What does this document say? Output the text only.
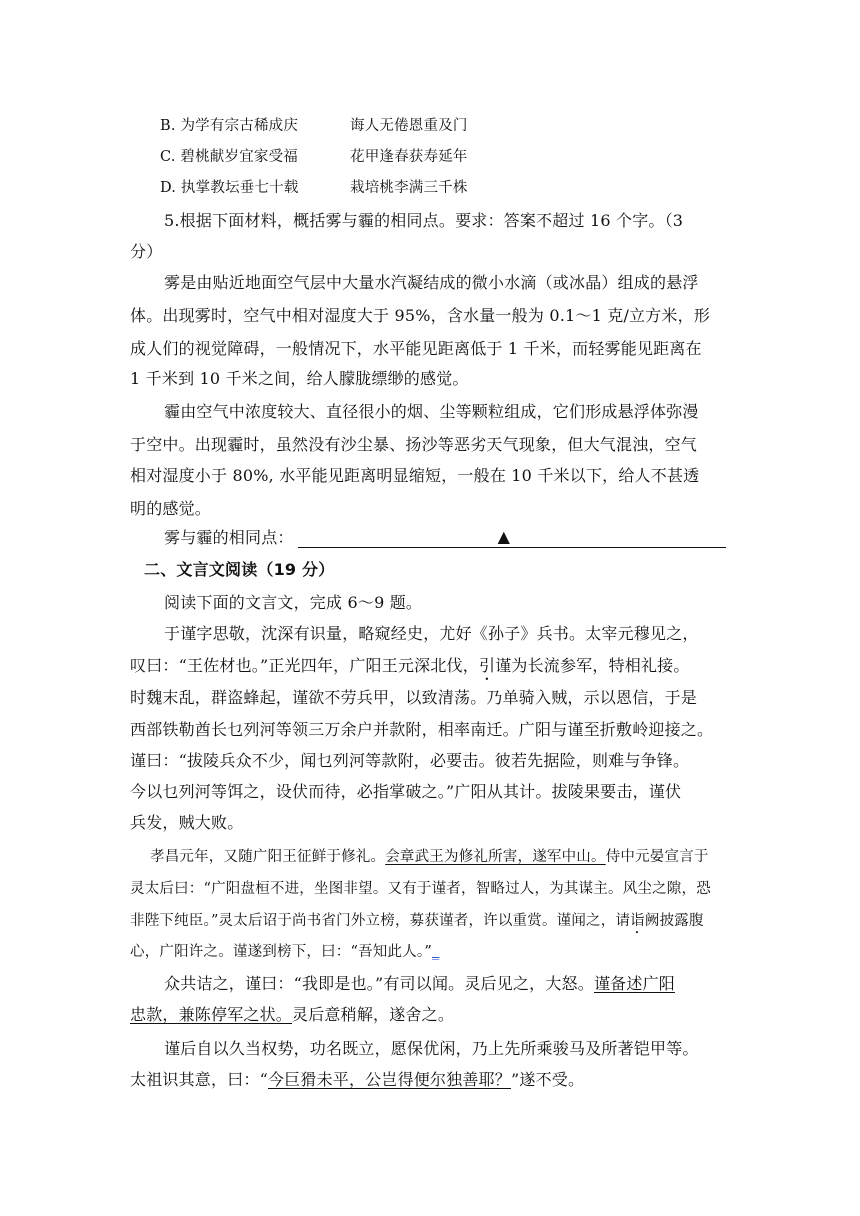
B. 为学有宗古稀成庆	诲人无倦恩重及门
C. 碧桃献岁宜家受福	花甲逢春获寿延年
D. 执掌教坛垂七十载	栽培桃李满三千株
5.根据下面材料，概括雾与霾的相同点。要求：答案不超过 16 个字。（3
分）
雾是由贴近地面空气层中大量水汽凝结成的微小水滴（或冰晶）组成的悬浮
体。出现雾时，空气中相对湿度大于 95%，含水量一般为 0.1～1 克/立方米，形
成人们的视觉障碍，一般情况下，水平能见距离低于 1 千米，而轻雾能见距离在
1 千米到 10 千米之间，给人朦胧缥缈的感觉。
霾由空气中浓度较大、直径很小的烟、尘等颗粒组成，它们形成悬浮体弥漫
于空中。出现霾时，虽然没有沙尘暴、扬沙等恶劣天气现象，但大气混浊，空气
相对湿度小于 80%, 水平能见距离明显缩短，一般在 10 千米以下，给人不甚透
明的感觉。
雾与霾的相同点：	▲
二、文言文阅读（19 分）
阅读下面的文言文，完成 6～9 题。
于谨字思敬，沈深有识量，略窥经史，尤好《孙子》兵书。太宰元穆见之，
叹曰：“王佐材也。”正光四年，广阳王元深北伐，引谨为长流参军，特相礼接。
时魏末乱，群盗蜂起，谨欲不劳兵甲，以致清荡。乃单骑入贼，示以恩信，于是
西部铁勒酋长乜列河等领三万余户并款附，相率南迁。广阳与谨至折敷岭迎接之。
谨曰：“拔陵兵众不少，闻乜列河等款附，必要击。彼若先据险，则难与争锋。
今以乜列河等饵之，设伏而待，必指掌破之。”广阳从其计。拔陵果要击，谨伏
兵发，贼大败。
孝昌元年，又随广阳王征鲜于修礼。会章武王为修礼所害，遂军中山。侍中元晏宣言于
灵太后曰：“广阳盘桓不进，坐图非望。又有于谨者，智略过人，为其谋主。风尘之隙，恐
非陛下纯臣。”灵太后诏于尚书省门外立榜，募获谨者，许以重赏。谨闻之，请诣阙披露腹
心，广阳许之。谨遂到榜下，曰：“吾知此人。”_
众共诘之，谨曰：“我即是也。”有司以闻。灵后见之，大怒。谨备述广阳
忠款，兼陈停军之状。灵后意稍解，遂舍之。
谨后自以久当权势，功名既立，愿保优闲，乃上先所乘骏马及所著铠甲等。
太祖识其意，曰：“今巨猾未平，公岂得便尔独善耶？”遂不受。
